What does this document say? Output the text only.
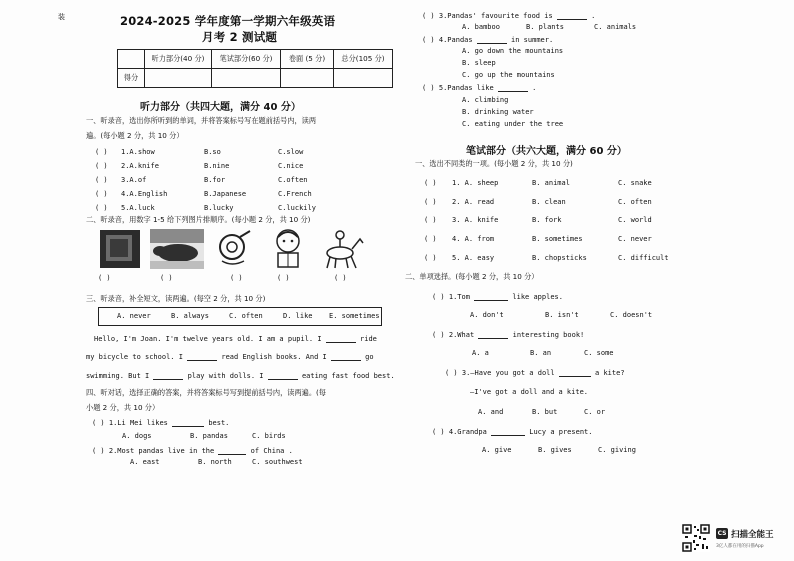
装	2024-2025 学年度第一学期六年级英语
月考 2 测试题
	听力部分(40 分)	笔试部分(60 分)	卷面 (5 分)	总分(105 分)
得分				
听力部分（共四大题，满分 40 分）
一、听录音，选出你所听到的单词，并将答案标号写在题前括号内，读两
遍。(每小题 2 分，共 10 分）
( ) 1.A.show	B.so	C.slow
( ) 2.A.knife	B.nine	C.nice
( ) 3.A.of	B.for	C.often
( ) 4.A.English	B.Japanese	C.French
( ) 5.A.luck	B.lucky	C.luckily
二、听录音，用数字 1-5 给下列图片排顺序。(每小题 2 分，共 10 分)
( )	( )	( )	( )	( )
三、听录音，补全短文，读两遍。(每空 2 分，共 10 分)
A. never	B. always	C. often	D. like E. sometimes
Hello, I'm Joan. I'm twelve years old. I am a pupil. I	ride
my bicycle to school. I	read English books. And I	go
swimming. But I	play with dolls. I	eating fast food best.
四、听对话，选择正确的答案，并将答案标号写到提前括号内，读两遍。(每
小题 2 分，共 10 分）
( ) 1.Li Mei likes	best.
A. dogs	B. pandas	C. birds
( ) 2.Most pandas live in the	of China .
A. east	B. north	C. southwest
( ) 3.Pandas' favourite food is	.
A. bamboo	B. plants	C. animals
( ) 4.Pandas	in summer.
A. go down the mountains
B. sleep
C. go up the mountains
( ) 5.Pandas like	.
A. climbing
B. drinking water
C. eating under the tree
笔试部分（共六大题，满分 60 分）
一、选出不同类的一项。(每小题 2 分，共 10 分)
( ) 1. A. sheep	B. animal	C. snake
( ) 2. A. read	B. clean	C. often
( ) 3. A. knife	B. fork	C. world
( ) 4. A. from	B. sometimes	C. never
( ) 5. A. easy	B. chopsticks	C. difficult
二、单项选择。(每小题 2 分，共 10 分）
( ) 1.Tom	like apples.
A. don't	B. isn't	C. doesn't
( ) 2.What	interesting book!
A. a	B. an	C. some
( ) 3.—Have you got a doll	a kite?
—I've got a doll and a kite.
A. and	B. but	C. or
( ) 4.Grandpa	Lucy a present.
A. give	B. gives	C. giving
CS 扫描全能王
3亿人都在用的扫描App
